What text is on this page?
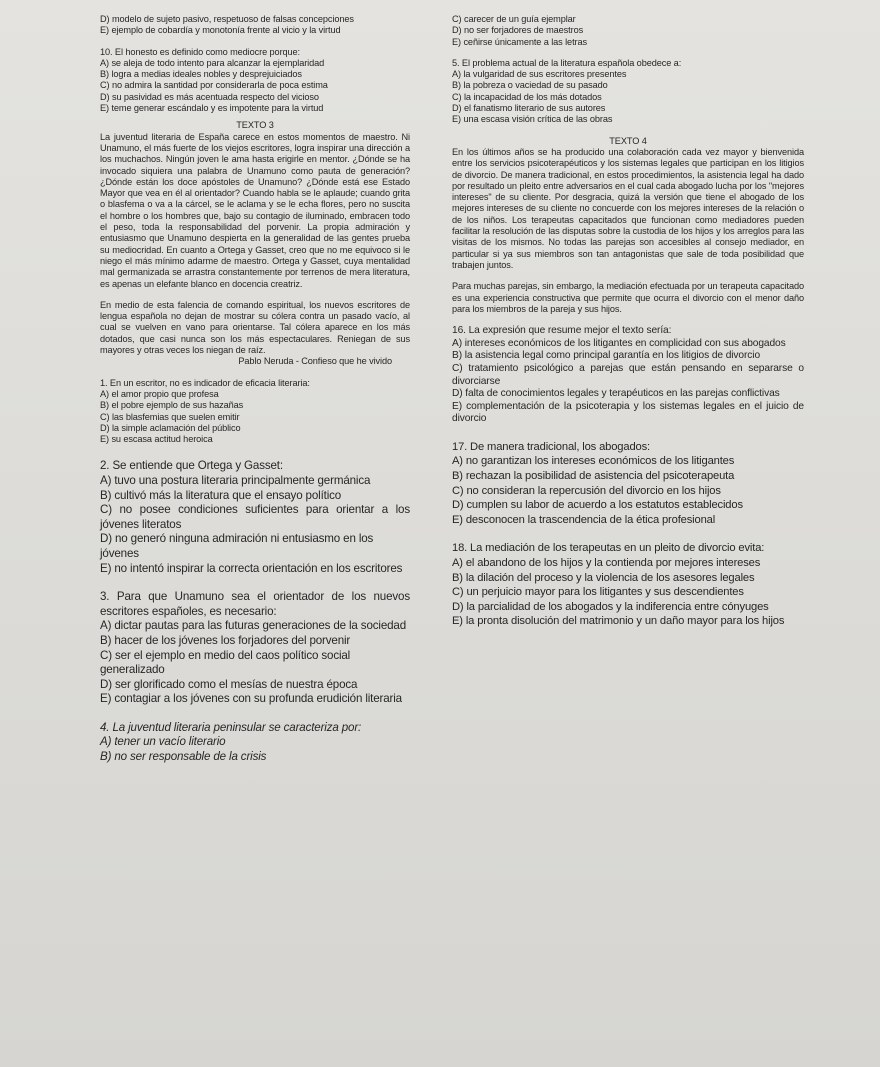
D) modelo de sujeto pasivo, respetuoso de falsas concepciones
E) ejemplo de cobardía y monotonía frente al vicio y la virtud
10. El honesto es definido como mediocre porque:
A) se aleja de todo intento para alcanzar la ejemplaridad
B) logra a medias ideales nobles y desprejuiciados
C) no admira la santidad por considerarla de poca estima
D) su pasividad es más acentuada respecto del vicioso
E) teme generar escándalo y es impotente para la virtud
TEXTO 3
La juventud literaria de España carece en estos momentos de maestro. Ni Unamuno, el más fuerte de los viejos escritores, logra inspirar una dirección a los muchachos. Ningún joven le ama hasta erigirle en mentor. ¿Dónde se ha invocado siquiera una palabra de Unamuno como pauta de generación? ¿Dónde están los doce apóstoles de Unamuno? ¿Dónde está ese Estado Mayor que vea en él al orientador? Cuando habla se le aplaude; cuando grita o blasfema o va a la cárcel, se le aclama y se le echa flores, pero no suscita el hombre o los hombres que, bajo su contagio de iluminado, embracen todo el peso, toda la responsabilidad del porvenir. La propia admiración y entusiasmo que Unamuno despierta en la generalidad de las gentes prueba su mediocridad. En cuanto a Ortega y Gasset, creo que no me equivoco si le niego el más mínimo adarme de maestro. Ortega y Gasset, cuya mentalidad mal germanizada se arrastra constantemente por terrenos de mera literatura, es apenas un elefante blanco en docencia creatriz.
En medio de esta falencia de comando espiritual, los nuevos escritores de lengua española no dejan de mostrar su cólera contra un pasado vacío, al cual se vuelven en vano para orientarse. Tal cólera aparece en los más dotados, que casi nunca son los más espectaculares. Reniegan de sus mayores y otras veces los niegan de raíz.
Pablo Neruda - Confieso que he vivido
1. En un escritor, no es indicador de eficacia literaria:
A) el amor propio que profesa
B) el pobre ejemplo de sus hazañas
C) las blasfemias que suelen emitir
D) la simple aclamación del público
E) su escasa actitud heroica
2. Se entiende que Ortega y Gasset:
A) tuvo una postura literaria principalmente germánica
B) cultivó más la literatura que el ensayo político
C) no posee condiciones suficientes para orientar a los jóvenes literatos
D) no generó ninguna admiración ni entusiasmo en los jóvenes
E) no intentó inspirar la correcta orientación en los escritores
3. Para que Unamuno sea el orientador de los nuevos escritores españoles, es necesario:
A) dictar pautas para las futuras generaciones de la sociedad
B) hacer de los jóvenes los forjadores del porvenir
C) ser el ejemplo en medio del caos político social generalizado
D) ser glorificado como el mesías de nuestra época
E) contagiar a los jóvenes con su profunda erudición literaria
4. La juventud literaria peninsular se caracteriza por:
A) tener un vacío literario
B) no ser responsable de la crisis
C) carecer de un guía ejemplar
D) no ser forjadores de maestros
E) ceñirse únicamente a las letras
5. El problema actual de la literatura española obedece a:
A) la vulgaridad de sus escritores presentes
B) la pobreza o vaciedad de su pasado
C) la incapacidad de los más dotados
D) el fanatismo literario de sus autores
E) una escasa visión crítica de las obras
TEXTO 4
En los últimos años se ha producido una colaboración cada vez mayor y bienvenida entre los servicios psicoterapéuticos y los sistemas legales que participan en los litigios de divorcio. De manera tradicional, en estos procedimientos, la asistencia legal ha dado por resultado un pleito entre adversarios en el cual cada abogado lucha por los "mejores intereses" de su cliente. Por desgracia, quizá la versión que tiene el abogado de los mejores intereses de su cliente no concuerde con los mejores intereses de la relación o de los niños. Los terapeutas capacitados que funcionan como mediadores pueden facilitar la resolución de las disputas sobre la custodia de los hijos y los arreglos para las visitas de los mismos. No todas las parejas son accesibles al consejo mediador, en particular si ya sus miembros son tan antagonistas que sale de toda posibilidad que trabajen juntos.
Para muchas parejas, sin embargo, la mediación efectuada por un terapeuta capacitado es una experiencia constructiva que permite que ocurra el divorcio con el menor daño para los miembros de la pareja y sus hijos.
16. La expresión que resume mejor el texto sería:
A) intereses económicos de los litigantes en complicidad con sus abogados
B) la asistencia legal como principal garantía en los litigios de divorcio
C) tratamiento psicológico a parejas que están pensando en separarse o divorciarse
D) falta de conocimientos legales y terapéuticos en las parejas conflictivas
E) complementación de la psicoterapia y los sistemas legales en el juicio de divorcio
17. De manera tradicional, los abogados:
A) no garantizan los intereses económicos de los litigantes
B) rechazan la posibilidad de asistencia del psicoterapeuta
C) no consideran la repercusión del divorcio en los hijos
D) cumplen su labor de acuerdo a los estatutos establecidos
E) desconocen la trascendencia de la ética profesional
18. La mediación de los terapeutas en un pleito de divorcio evita:
A) el abandono de los hijos y la contienda por mejores intereses
B) la dilación del proceso y la violencia de los asesores legales
C) un perjuicio mayor para los litigantes y sus descendientes
D) la parcialidad de los abogados y la indiferencia entre cónyuges
E) la pronta disolución del matrimonio y un daño mayor para los hijos
